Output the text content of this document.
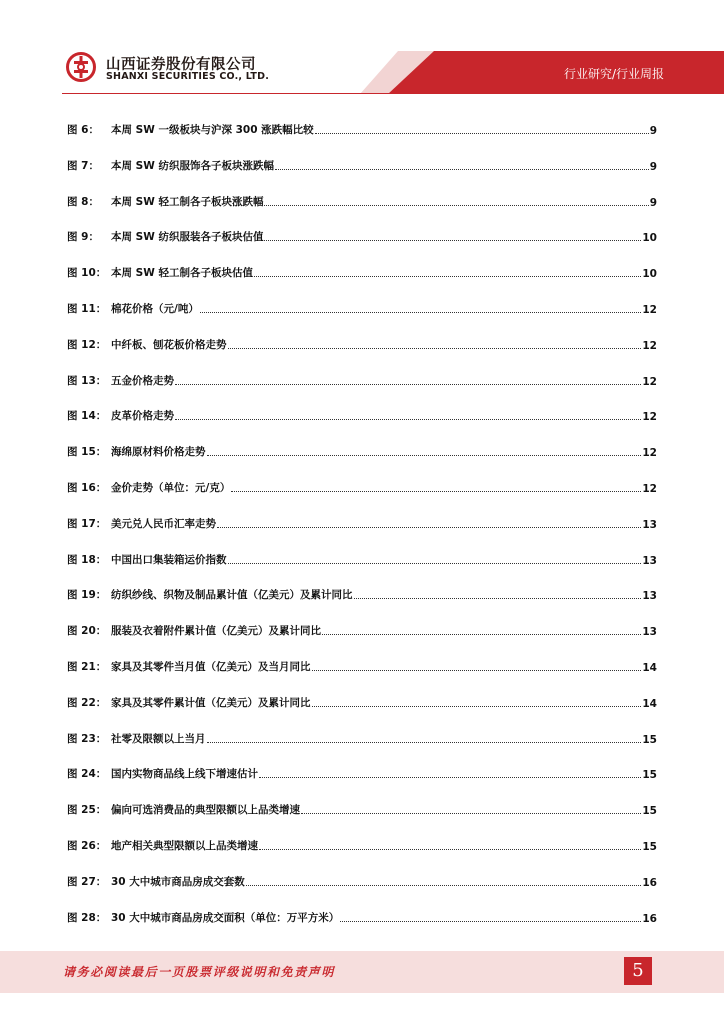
山西证券股份有限公司
SHANXI SECURITIES CO., LTD.	行业研究/行业周报
图 6：	本周 SW 一级板块与沪深 300 涨跌幅比较	9
图 7：	本周 SW 纺织服饰各子板块涨跌幅	9
图 8：	本周 SW 轻工制各子板块涨跌幅	9
图 9：	本周 SW 纺织服装各子板块估值	10
图 10： 本周 SW 轻工制各子板块估值	10
图 11： 棉花价格（元/吨）	12
图 12： 中纤板、刨花板价格走势	12
图 13： 五金价格走势	12
图 14： 皮革价格走势	12
图 15： 海绵原材料价格走势	12
图 16： 金价走势（单位：元/克）	12
图 17： 美元兑人民币汇率走势	13
图 18： 中国出口集装箱运价指数	13
图 19： 纺织纱线、织物及制品累计值（亿美元）及累计同比	13
图 20： 服装及衣着附件累计值（亿美元）及累计同比	13
图 21： 家具及其零件当月值（亿美元）及当月同比	14
图 22： 家具及其零件累计值（亿美元）及累计同比	14
图 23： 社零及限额以上当月	15
图 24： 国内实物商品线上线下增速估计	15
图 25： 偏向可选消费品的典型限额以上品类增速	15
图 26： 地产相关典型限额以上品类增速	15
图 27： 30 大中城市商品房成交套数	16
图 28： 30 大中城市商品房成交面积（单位：万平方米）	16
请务必阅读最后一页股票评级说明和免责声明	5
